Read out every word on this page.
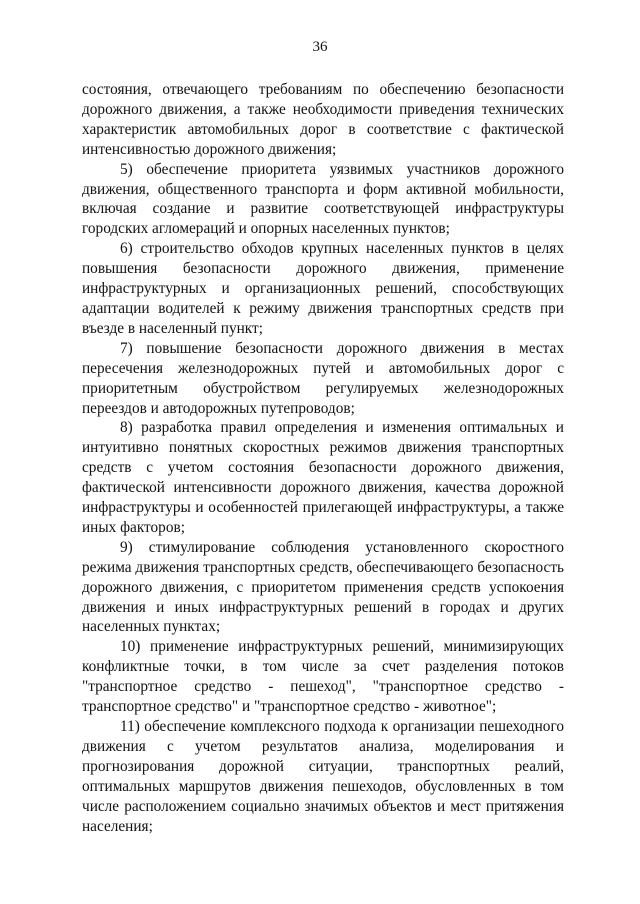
36

состояния, отвечающего требованиям по обеспечению безопасности дорожного движения, а также необходимости приведения технических характеристик автомобильных дорог в соответствие с фактической интенсивностью дорожного движения;

5) обеспечение приоритета уязвимых участников дорожного движения, общественного транспорта и форм активной мобильности, включая создание и развитие соответствующей инфраструктуры городских агломераций и опорных населенных пунктов;

6) строительство обходов крупных населенных пунктов в целях повышения безопасности дорожного движения, применение инфраструктурных и организационных решений, способствующих адаптации водителей к режиму движения транспортных средств при въезде в населенный пункт;

7) повышение безопасности дорожного движения в местах пересечения железнодорожных путей и автомобильных дорог с приоритетным обустройством регулируемых железнодорожных переездов и автодорожных путепроводов;

8) разработка правил определения и изменения оптимальных и интуитивно понятных скоростных режимов движения транспортных средств с учетом состояния безопасности дорожного движения, фактической интенсивности дорожного движения, качества дорожной инфраструктуры и особенностей прилегающей инфраструктуры, а также иных факторов;

9) стимулирование соблюдения установленного скоростного режима движения транспортных средств, обеспечивающего безопасность дорожного движения, с приоритетом применения средств успокоения движения и иных инфраструктурных решений в городах и других населенных пунктах;

10) применение инфраструктурных решений, минимизирующих конфликтные точки, в том числе за счет разделения потоков "транспортное средство - пешеход", "транспортное средство - транспортное средство" и "транспортное средство - животное";

11) обеспечение комплексного подхода к организации пешеходного движения с учетом результатов анализа, моделирования и прогнозирования дорожной ситуации, транспортных реалий, оптимальных маршрутов движения пешеходов, обусловленных в том числе расположением социально значимых объектов и мест притяжения населения;
